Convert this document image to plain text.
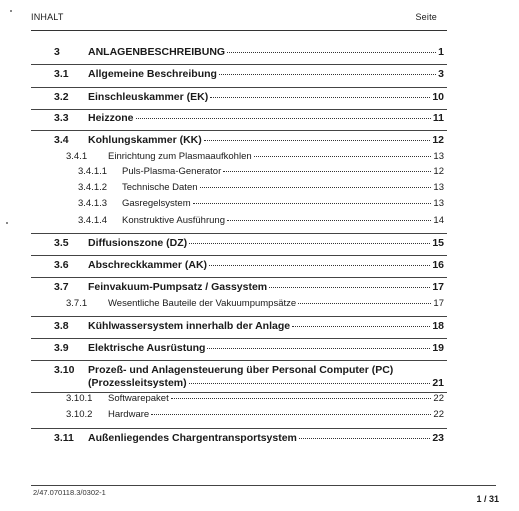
INHALT	Seite
3	ANLAGENBESCHREIBUNG	1
3.1	Allgemeine Beschreibung	3
3.2	Einschleuskammer (EK)	10
3.3	Heizzone	11
3.4	Kohlungskammer (KK)	12
3.4.1	Einrichtung zum Plasmaaufkohlen	13
3.4.1.1	Puls-Plasma-Generator	12
3.4.1.2	Technische Daten	13
3.4.1.3	Gasregelsystem	13
3.4.1.4	Konstruktive Ausführung	14
3.5	Diffusionszone (DZ)	15
3.6	Abschreckkammer (AK)	16
3.7	Feinvakuum-Pumpsatz / Gassystem	17
3.7.1	Wesentliche Bauteile der Vakuumpumpsätze	17
3.8	Kühlwassersystem innerhalb der Anlage	18
3.9	Elektrische Ausrüstung	19
3.10	Prozeß- und Anlagensteuerung über Personal Computer (PC)
(Prozessleitsystem)	21
3.10.1	Softwarepaket	22
3.10.2	Hardware	22
3.11	Außenliegendes Chargentransportsystem	23
2/47.070118.3/0302-1
1 / 31
